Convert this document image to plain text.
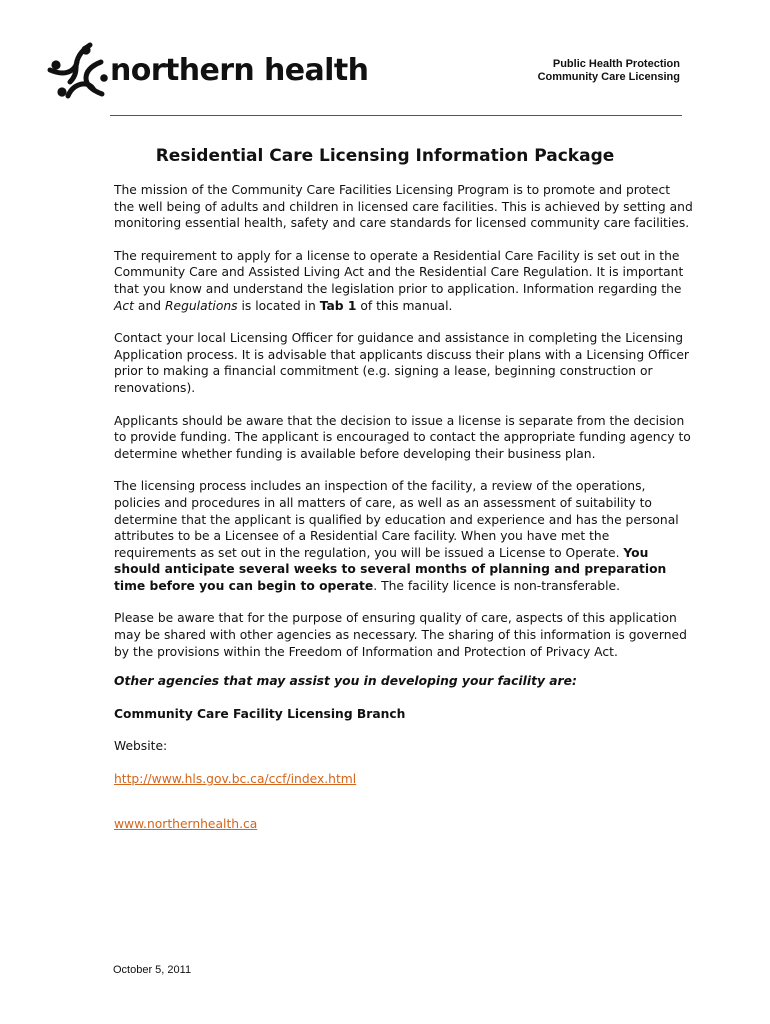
northern health	Public Health Protection
Community Care Licensing
Residential Care Licensing Information Package

The mission of the Community Care Facilities Licensing Program is to promote and protect the well being of adults and children in licensed care facilities. This is achieved by setting and monitoring essential health, safety and care standards for licensed community care facilities.

The requirement to apply for a license to operate a Residential Care Facility is set out in the Community Care and Assisted Living Act and the Residential Care Regulation. It is important that you know and understand the legislation prior to application. Information regarding the Act and Regulations is located in Tab 1 of this manual.

Contact your local Licensing Officer for guidance and assistance in completing the Licensing Application process. It is advisable that applicants discuss their plans with a Licensing Officer prior to making a financial commitment (e.g. signing a lease, beginning construction or renovations).

Applicants should be aware that the decision to issue a license is separate from the decision to provide funding. The applicant is encouraged to contact the appropriate funding agency to determine whether funding is available before developing their business plan.

The licensing process includes an inspection of the facility, a review of the operations, policies and procedures in all matters of care, as well as an assessment of suitability to determine that the applicant is qualified by education and experience and has the personal attributes to be a Licensee of a Residential Care facility. When you have met the requirements as set out in the regulation, you will be issued a License to Operate. You should anticipate several weeks to several months of planning and preparation time before you can begin to operate. The facility licence is non-transferable.

Please be aware that for the purpose of ensuring quality of care, aspects of this application may be shared with other agencies as necessary. The sharing of this information is governed by the provisions within the Freedom of Information and Protection of Privacy Act.

Other agencies that may assist you in developing your facility are:

Community Care Facility Licensing Branch

Website:

http://www.hls.gov.bc.ca/ccf/index.html

www.northernhealth.ca

October 5, 2011
